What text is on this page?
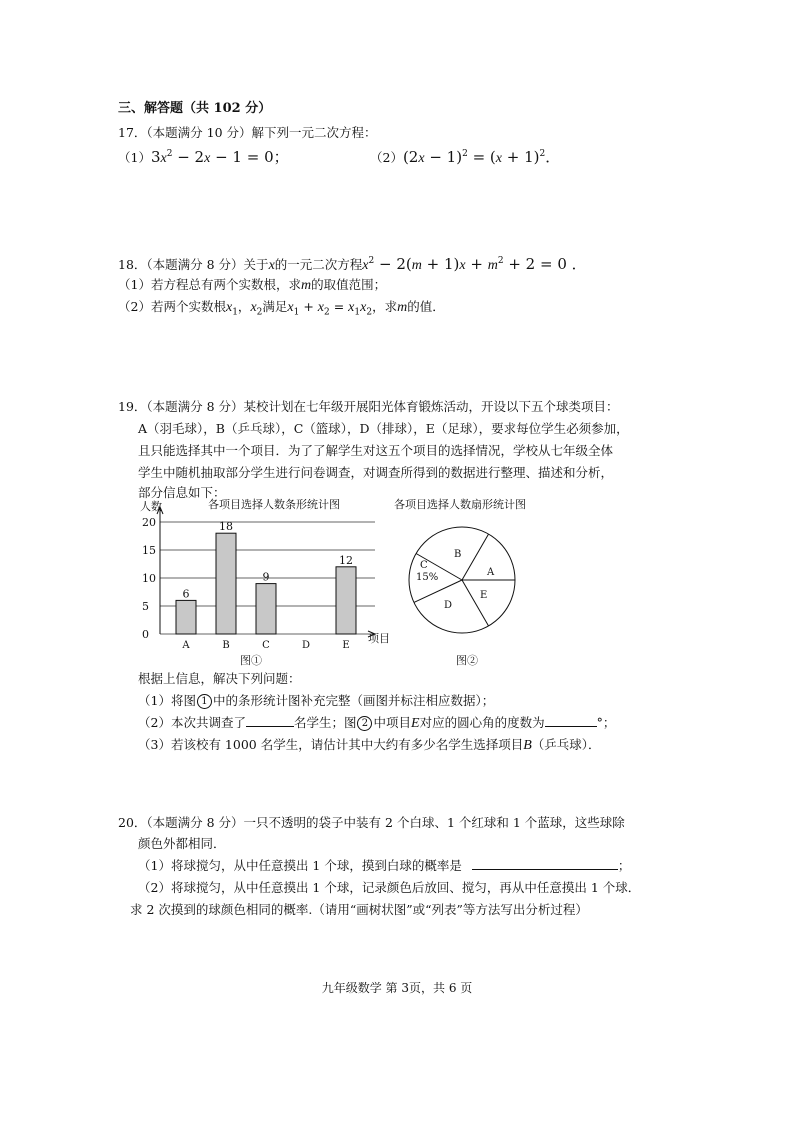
三、解答题（共 102 分）
17．（本题满分 10 分）解下列一元二次方程：
$(1)3x^2 - 2x - 1 = 0$；	$(2)(2x - 1)^2 = (x + 1)^2$．
18．（本题满分 8 分）关于x的一元二次方程$x^2 - 2(m + 1)x + m^2 + 2 = 0$ ．
（1）若方程总有两个实数根，求m的取值范围；
（2）若两个实数根$x_1$，$x_2$满足$x_1 + x_2 = x_1x_2$，求m的值．
19．（本题满分 8 分）某校计划在七年级开展阳光体育锻炼活动，开设以下五个球类项目：
A（羽毛球），B（乒乓球），C（篮球），D（排球），E（足球），要求每位学生必须参加，
且只能选择其中一个项目．为了了解学生对这五个项目的选择情况，学校从七年级全体
学生中随机抽取部分学生进行问卷调查，对调查所得到的数据进行整理、描述和分析，
部分信息如下：
0
5
10
15
20
6
A
18
B
9
C	D
12
E
各项目选择人数条形统计图
人数
项目
图①
各项目选择人数扇形统计图
A
B
C
15%
D
E
图②
根据上信息，解决下列问题：
（1）将图 1 中的条形统计图补充完整（画图并标注相应数据）；
（2）本次共调查了	名学生；图 2 中项目E对应的圆心角的度数为	°；
（3）若该校有 1000 名学生，请估计其中大约有多少名学生选择项目B（乒乓球）．
20．（本题满分 8 分）一只不透明的袋子中装有 2 个白球、1 个红球和 1 个蓝球，这些球除
颜色外都相同．
（1）将球搅匀，从中任意摸出 1 个球，摸到白球的概率是	；
（2）将球搅匀，从中任意摸出 1 个球，记录颜色后放回、搅匀，再从中任意摸出 1 个球．
求 2 次摸到的球颜色相同的概率.（请用“画树状图”或“列表”等方法写出分析过程）
九年级数学 第 3页，共 6 页
